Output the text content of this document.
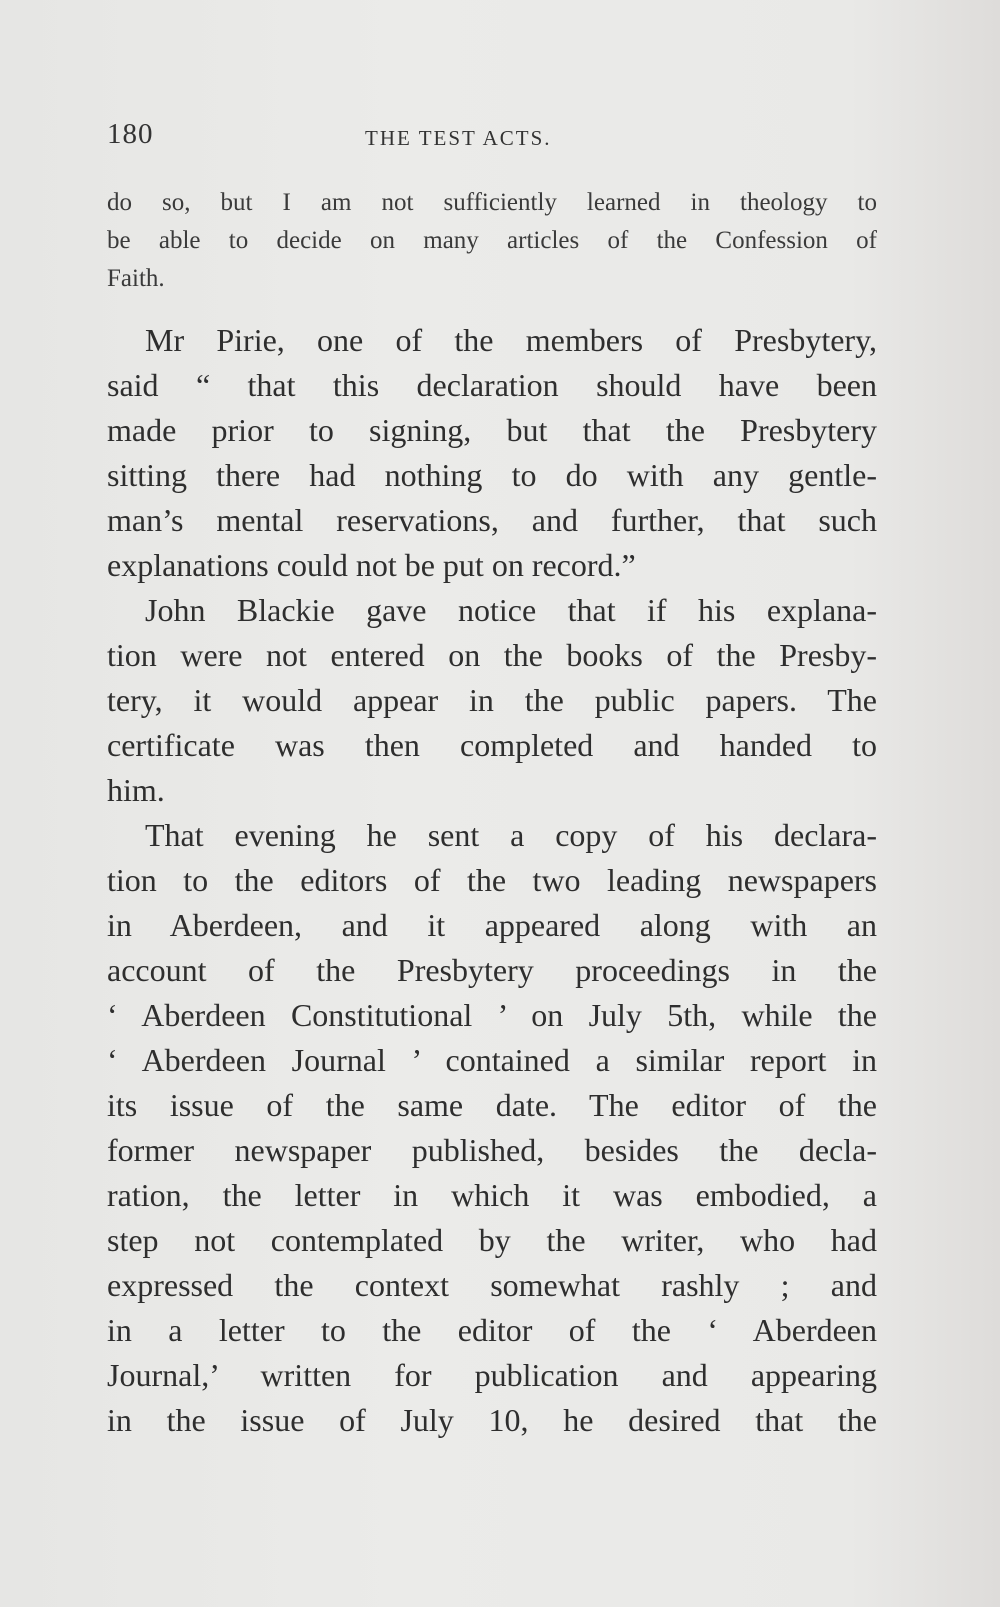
180	THE TEST ACTS.
do so, but I am not sufficiently learned in theology to
be able to decide on many articles of the Confession of
Faith.

Mr Pirie, one of the members of Presbytery,
said “ that this declaration should have been
made prior to signing, but that the Presbytery
sitting there had nothing to do with any gentle-
man’s mental reservations, and further, that such
explanations could not be put on record.”

John Blackie gave notice that if his explana-
tion were not entered on the books of the Presby-
tery, it would appear in the public papers. The
certificate was then completed and handed to
him.

That evening he sent a copy of his declara-
tion to the editors of the two leading newspapers
in Aberdeen, and it appeared along with an
account of the Presbytery proceedings in the
‘ Aberdeen Constitutional ’ on July 5th, while the
‘ Aberdeen Journal ’ contained a similar report in
its issue of the same date. The editor of the
former newspaper published, besides the decla-
ration, the letter in which it was embodied, a
step not contemplated by the writer, who had
expressed the context somewhat rashly ; and
in a letter to the editor of the ‘ Aberdeen
Journal,’ written for publication and appearing
in the issue of July 10, he desired that the
